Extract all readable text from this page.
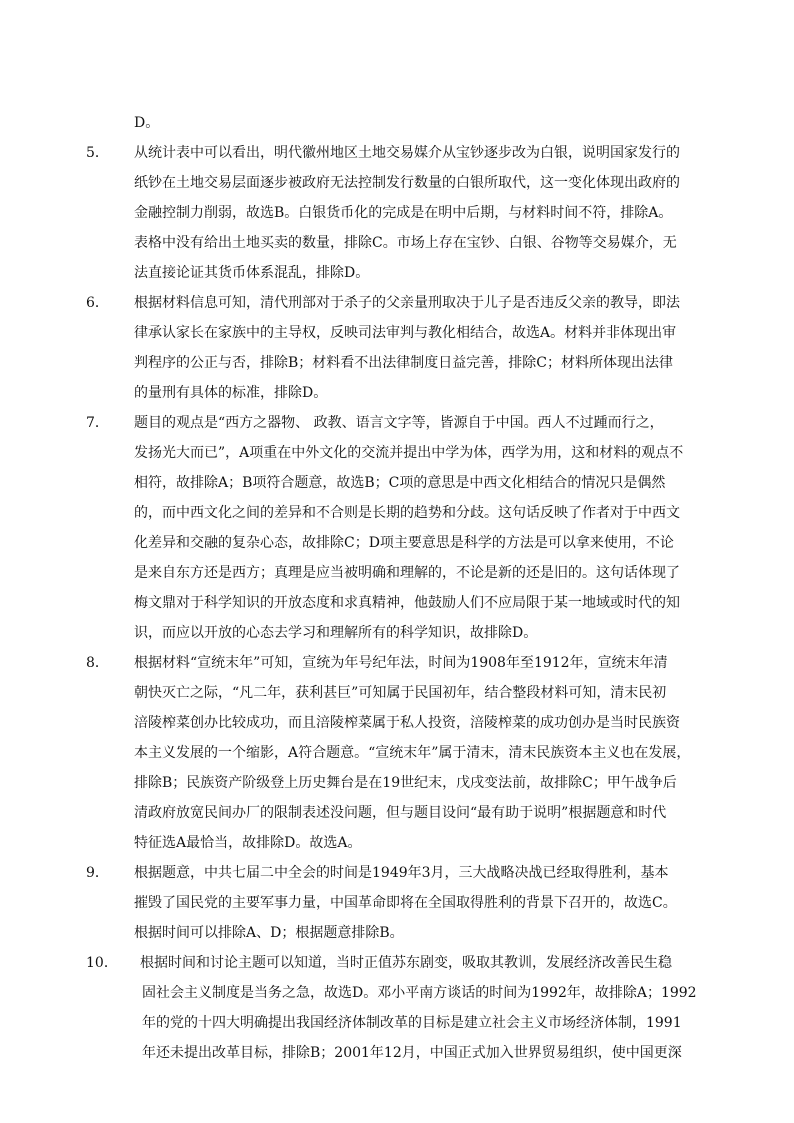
D。
5．	从统计表中可以看出，明代徽州地区土地交易媒介从宝钞逐步改为白银，说明国家发行的
纸钞在土地交易层面逐步被政府无法控制发行数量的白银所取代，这一变化体现出政府的
金融控制力削弱，故选B。白银货币化的完成是在明中后期，与材料时间不符，排除A。
表格中没有给出土地买卖的数量，排除C。市场上存在宝钞、白银、谷物等交易媒介，无
法直接论证其货币体系混乱，排除D。
6．	根据材料信息可知，清代刑部对于杀子的父亲量刑取决于儿子是否违反父亲的教导，即法
律承认家长在家族中的主导权，反映司法审判与教化相结合，故选A。材料并非体现出审
判程序的公正与否，排除B；材料看不出法律制度日益完善，排除C；材料所体现出法律
的量刑有具体的标准，排除D。
7．	题目的观点是“西方之器物、 政教、语言文字等，皆源自于中国。西人不过踵而行之，
发扬光大而已”，A项重在中外文化的交流并提出中学为体，西学为用，这和材料的观点不
相符，故排除A；B项符合题意，故选B；C项的意思是中西文化相结合的情况只是偶然
的，而中西文化之间的差异和不合则是长期的趋势和分歧。这句话反映了作者对于中西文
化差异和交融的复杂心态，故排除C；D项主要意思是科学的方法是可以拿来使用，不论
是来自东方还是西方；真理是应当被明确和理解的，不论是新的还是旧的。这句话体现了
梅文鼎对于科学知识的开放态度和求真精神，他鼓励人们不应局限于某一地域或时代的知
识，而应以开放的心态去学习和理解所有的科学知识，故排除D。
8．	根据材料“宣统末年”可知，宣统为年号纪年法，时间为1908年至1912年，宣统末年清
朝快灭亡之际，“凡二年，获利甚巨”可知属于民国初年，结合整段材料可知，清末民初
涪陵榨菜创办比较成功，而且涪陵榨菜属于私人投资，涪陵榨菜的成功创办是当时民族资
本主义发展的一个缩影，A符合题意。“宣统末年”属于清末，清末民族资本主义也在发展，
排除B；民族资产阶级登上历史舞台是在19世纪末，戊戌变法前，故排除C；甲午战争后
清政府放宽民间办厂的限制表述没问题，但与题目设问“最有助于说明”根据题意和时代
特征选A最恰当，故排除D。故选A。
9．	根据题意，中共七届二中全会的时间是1949年3月，三大战略决战已经取得胜利，基本
摧毁了国民党的主要军事力量，中国革命即将在全国取得胜利的背景下召开的，故选C。
根据时间可以排除A、D；根据题意排除B。
10．	根据时间和讨论主题可以知道，当时正值苏东剧变，吸取其教训，发展经济改善民生稳
固社会主义制度是当务之急，故选D。邓小平南方谈话的时间为1992年，故排除A；1992
年的党的十四大明确提出我国经济体制改革的目标是建立社会主义市场经济体制，1991
年还未提出改革目标，排除B；2001年12月，中国正式加入世界贸易组织，使中国更深
